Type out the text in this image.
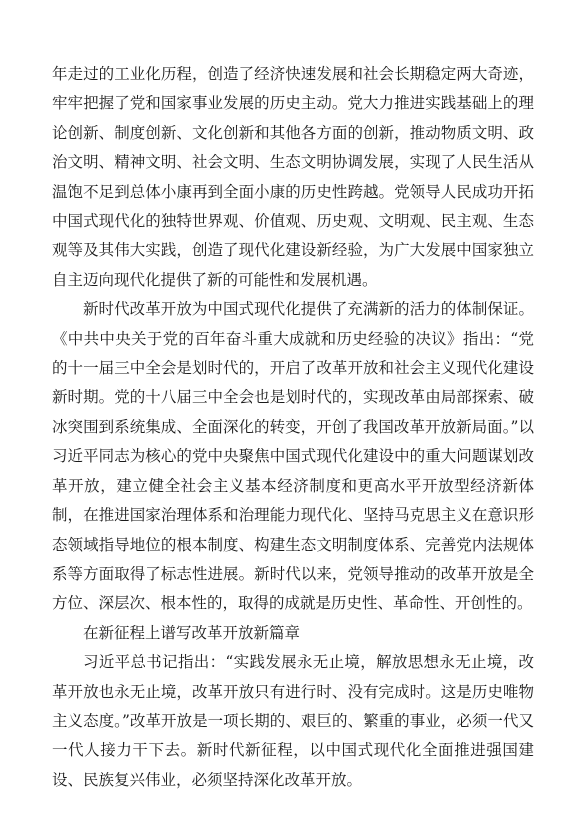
年走过的工业化历程，创造了经济快速发展和社会长期稳定两大奇迹，牢牢把握了党和国家事业发展的历史主动。党大力推进实践基础上的理论创新、制度创新、文化创新和其他各方面的创新，推动物质文明、政治文明、精神文明、社会文明、生态文明协调发展，实现了人民生活从温饱不足到总体小康再到全面小康的历史性跨越。党领导人民成功开拓中国式现代化的独特世界观、价值观、历史观、文明观、民主观、生态观等及其伟大实践，创造了现代化建设新经验，为广大发展中国家独立自主迈向现代化提供了新的可能性和发展机遇。

新时代改革开放为中国式现代化提供了充满新的活力的体制保证。《中共中央关于党的百年奋斗重大成就和历史经验的决议》指出：“党的十一届三中全会是划时代的，开启了改革开放和社会主义现代化建设新时期。党的十八届三中全会也是划时代的，实现改革由局部探索、破冰突围到系统集成、全面深化的转变，开创了我国改革开放新局面。”以习近平同志为核心的党中央聚焦中国式现代化建设中的重大问题谋划改革开放，建立健全社会主义基本经济制度和更高水平开放型经济新体制，在推进国家治理体系和治理能力现代化、坚持马克思主义在意识形态领域指导地位的根本制度、构建生态文明制度体系、完善党内法规体系等方面取得了标志性进展。新时代以来，党领导推动的改革开放是全方位、深层次、根本性的，取得的成就是历史性、革命性、开创性的。

在新征程上谱写改革开放新篇章

习近平总书记指出：“实践发展永无止境，解放思想永无止境，改革开放也永无止境，改革开放只有进行时、没有完成时。这是历史唯物主义态度。”改革开放是一项长期的、艰巨的、繁重的事业，必须一代又一代人接力干下去。新时代新征程，以中国式现代化全面推进强国建设、民族复兴伟业，必须坚持深化改革开放。
